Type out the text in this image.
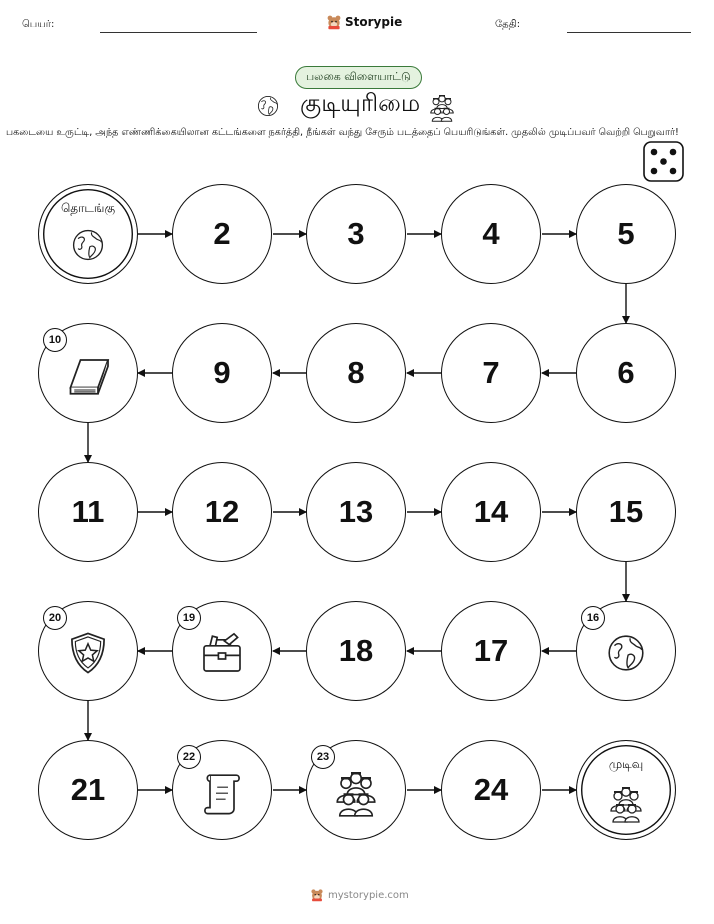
பெயர்:	Storypie	தேதி:
பலகை விளையாட்டு
குடியுரிமை
பகடையை உருட்டி, அந்த எண்ணிக்கையிலான கட்டங்களை நகர்த்தி, நீங்கள் வந்து சேரும் படத்தைப் பெயரிடுங்கள். முதலில் முடிப்பவர் வெற்றி பெறுவார்!
தொடங்கு
2	3	4	5
6
7
8
9
10
11	12	13	14	15
16
17
18
19
20
21
22	23
24
முடிவு
mystorypie.com
